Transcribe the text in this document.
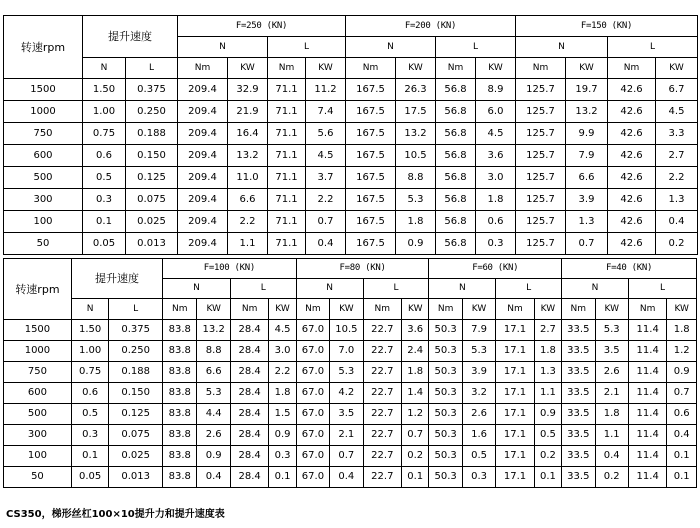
转速rpm	提升速度		F=250 (KN)				F=200 (KN)				F=150 (KN)			
			N		L		N		L		N		L	
	N	L	Nm	KW	Nm	KW	Nm	KW	Nm	KW	Nm	KW	Nm	KW
1500	1.50	0.375	209.4	32.9	71.1	11.2	167.5	26.3	56.8	8.9	125.7	19.7	42.6	6.7
1000	1.00	0.250	209.4	21.9	71.1	7.4	167.5	17.5	56.8	6.0	125.7	13.2	42.6	4.5
750	0.75	0.188	209.4	16.4	71.1	5.6	167.5	13.2	56.8	4.5	125.7	9.9	42.6	3.3
600	0.6	0.150	209.4	13.2	71.1	4.5	167.5	10.5	56.8	3.6	125.7	7.9	42.6	2.7
500	0.5	0.125	209.4	11.0	71.1	3.7	167.5	8.8	56.8	3.0	125.7	6.6	42.6	2.2
300	0.3	0.075	209.4	6.6	71.1	2.2	167.5	5.3	56.8	1.8	125.7	3.9	42.6	1.3
100	0.1	0.025	209.4	2.2	71.1	0.7	167.5	1.8	56.8	0.6	125.7	1.3	42.6	0.4
50	0.05	0.013	209.4	1.1	71.1	0.4	167.5	0.9	56.8	0.3	125.7	0.7	42.6	0.2
转速rpm	提升速度		F=100 (KN)				F=80 (KN)				F=60 (KN)				F=40 (KN)			
			N		L		N		L		N		L		N		L	
	N	L	Nm	KW	Nm	KW	Nm	KW	Nm	KW	Nm	KW	Nm	KW	Nm	KW	Nm	KW
1500	1.50	0.375	83.8	13.2	28.4	4.5	67.0	10.5	22.7	3.6	50.3	7.9	17.1	2.7	33.5	5.3	11.4	1.8
1000	1.00	0.250	83.8	8.8	28.4	3.0	67.0	7.0	22.7	2.4	50.3	5.3	17.1	1.8	33.5	3.5	11.4	1.2
750	0.75	0.188	83.8	6.6	28.4	2.2	67.0	5.3	22.7	1.8	50.3	3.9	17.1	1.3	33.5	2.6	11.4	0.9
600	0.6	0.150	83.8	5.3	28.4	1.8	67.0	4.2	22.7	1.4	50.3	3.2	17.1	1.1	33.5	2.1	11.4	0.7
500	0.5	0.125	83.8	4.4	28.4	1.5	67.0	3.5	22.7	1.2	50.3	2.6	17.1	0.9	33.5	1.8	11.4	0.6
300	0.3	0.075	83.8	2.6	28.4	0.9	67.0	2.1	22.7	0.7	50.3	1.6	17.1	0.5	33.5	1.1	11.4	0.4
100	0.1	0.025	83.8	0.9	28.4	0.3	67.0	0.7	22.7	0.2	50.3	0.5	17.1	0.2	33.5	0.4	11.4	0.1
50	0.05	0.013	83.8	0.4	28.4	0.1	67.0	0.4	22.7	0.1	50.3	0.3	17.1	0.1	33.5	0.2	11.4	0.1
CS350，梯形丝杠100×10提升力和提升速度表
